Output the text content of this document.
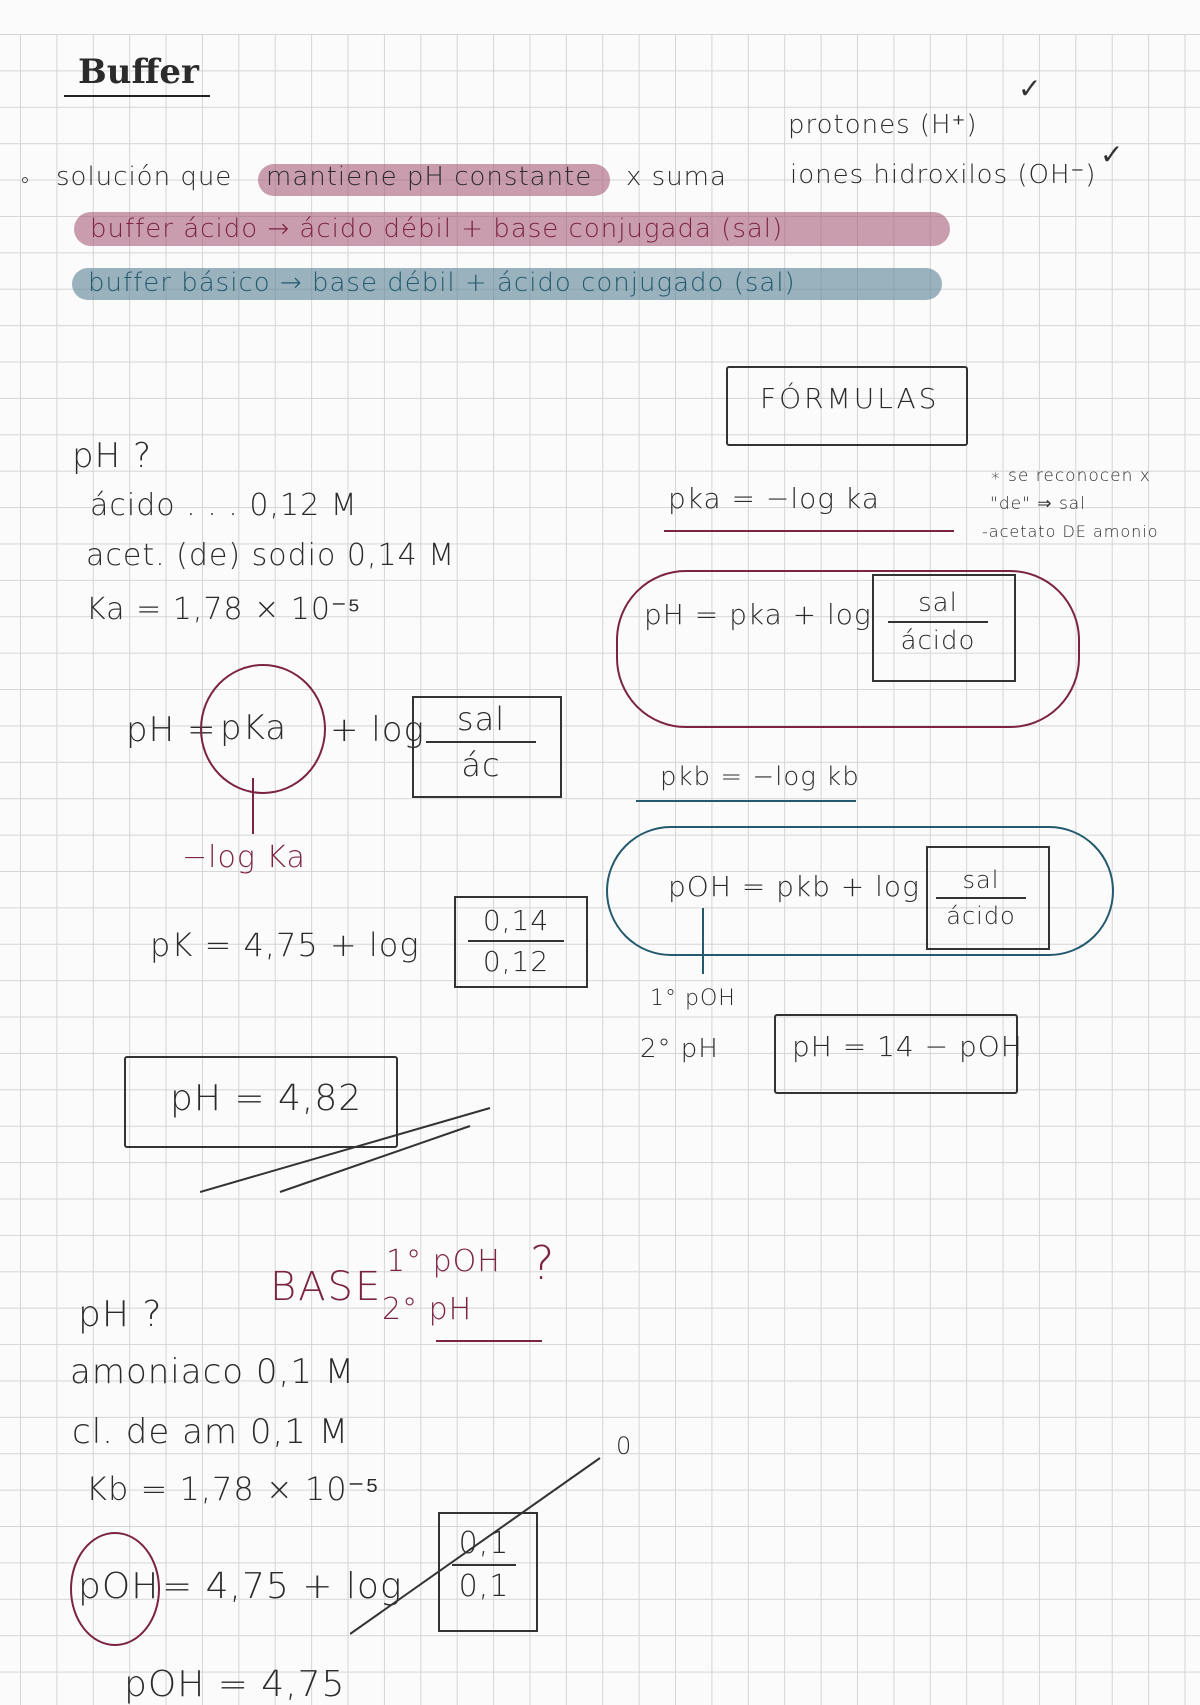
Buffer
protones (H⁺)
✓
∘ solución que mantiene pH constante x suma iones hidroxilos (OH⁻)
✓
buffer ácido → ácido débil + base conjugada (sal)
buffer básico → base débil + ácido conjugado (sal)
FÓRMULAS
pka = −log ka
∗ se reconocen x
"de" ⇒ sal
-acetato DE amonio
pH = pka + log sal
ácido
pkb = −log kb
pOH = pkb + log sal
ácido
1° pOH
2° pH	pH = 14 − pOH
pH ?
ácido . . . 0,12 M
acet. (de) sodio 0,14 M
Ka = 1,78 × 10⁻⁵
pH = pKa + log sal
ác
−log Ka
pK = 4,75 + log
0,14
0,12
pH = 4,82
pH ?
BASE
1° pOH
2° pH
?
amoniaco 0,1 M
cl. de am 0,1 M
Kb = 1,78 × 10⁻⁵
pOH = 4,75 + log
0,1
0,1
0
pOH = 4,75
